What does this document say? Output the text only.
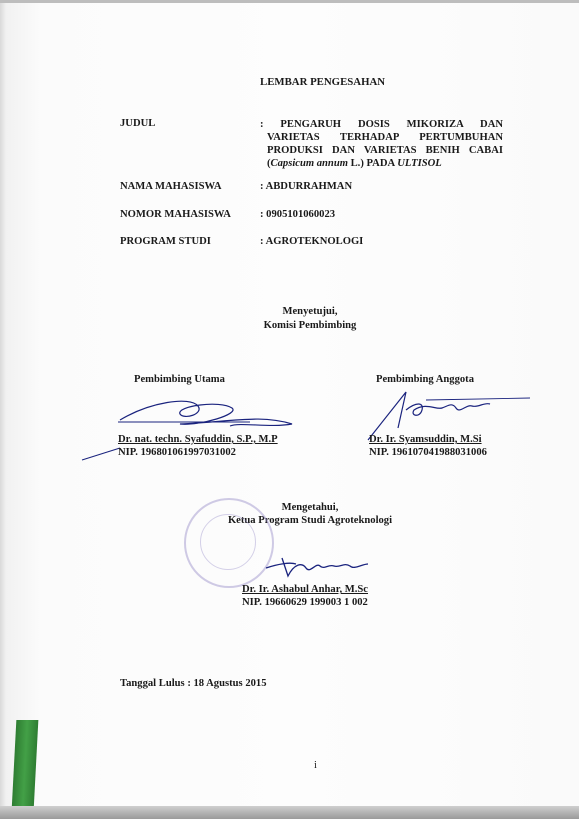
LEMBAR PENGESAHAN
JUDUL	: PENGARUH DOSIS MIKORIZA DAN
VARIETAS TERHADAP PERTUMBUHAN
PRODUKSI DAN VARIETAS BENIH CABAI
(Capsicum annum L.) PADA ULTISOL
NAMA MAHASISWA	: ABDURRAHMAN
NOMOR MAHASISWA	: 0905101060023
PROGRAM STUDI	: AGROTEKNOLOGI
Menyetujui,
Komisi Pembimbing
Pembimbing Utama	Pembimbing Anggota
Dr. nat. techn. Syafuddin, S.P., M.P
NIP. 196801061997031002
Dr. Ir. Syamsuddin, M.Si
NIP. 196107041988031006
Mengetahui,
Ketua Program Studi Agroteknologi
Dr. Ir. Ashabul Anhar, M.Sc
NIP. 19660629 199003 1 002
Tanggal Lulus : 18 Agustus 2015
i
